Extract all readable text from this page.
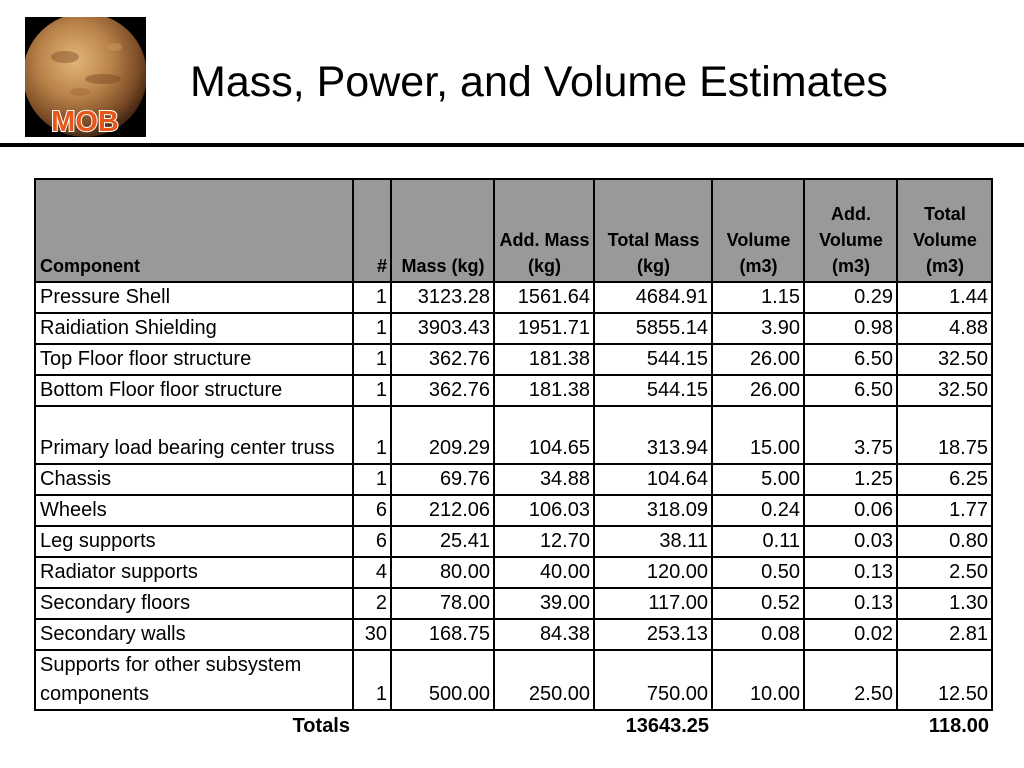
MOB
Mass, Power, and Volume Estimates
Component	#	Mass (kg)	Add. Mass (kg)	Total Mass (kg)	Volume (m3)	Add. Volume (m3)	Total Volume (m3)
Pressure Shell	1	3123.28	1561.64	4684.91	1.15	0.29	1.44
Raidiation Shielding	1	3903.43	1951.71	5855.14	3.90	0.98	4.88
Top Floor floor structure	1	362.76	181.38	544.15	26.00	6.50	32.50
Bottom Floor floor structure	1	362.76	181.38	544.15	26.00	6.50	32.50
Primary load bearing center truss	1	209.29	104.65	313.94	15.00	3.75	18.75
Chassis	1	69.76	34.88	104.64	5.00	1.25	6.25
Wheels	6	212.06	106.03	318.09	0.24	0.06	1.77
Leg supports	6	25.41	12.70	38.11	0.11	0.03	0.80
Radiator supports	4	80.00	40.00	120.00	0.50	0.13	2.50
Secondary floors	2	78.00	39.00	117.00	0.52	0.13	1.30
Secondary walls	30	168.75	84.38	253.13	0.08	0.02	2.81
Supports for other subsystem components	1	500.00	250.00	750.00	10.00	2.50	12.50
Totals				13643.25			118.00
